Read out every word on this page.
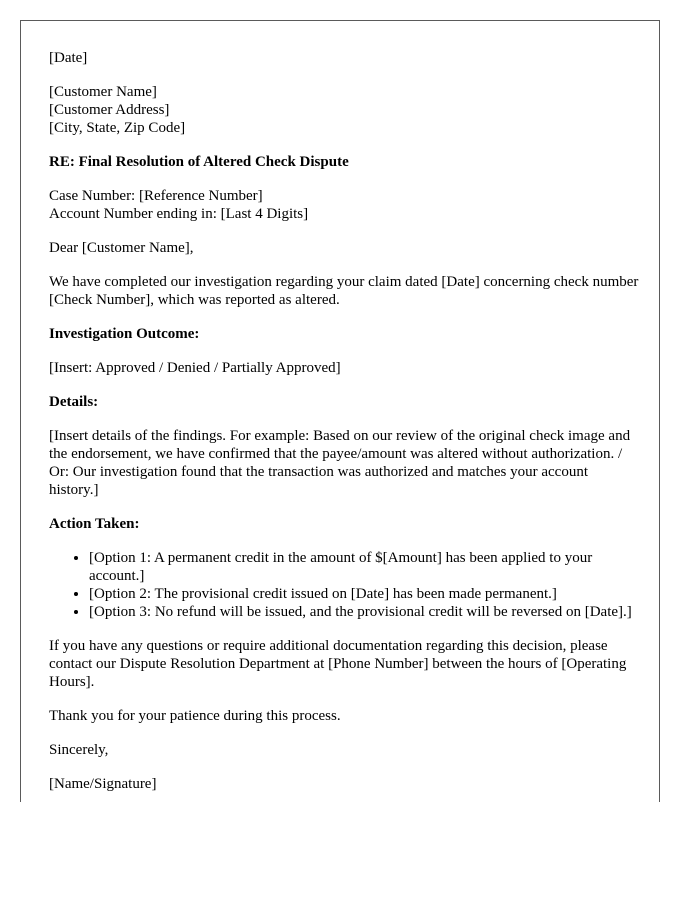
[Date]

[Customer Name]
[Customer Address]
[City, State, Zip Code]

RE: Final Resolution of Altered Check Dispute

Case Number: [Reference Number]
Account Number ending in: [Last 4 Digits]

Dear [Customer Name],

We have completed our investigation regarding your claim dated [Date] concerning check number [Check Number], which was reported as altered.

Investigation Outcome:

[Insert: Approved / Denied / Partially Approved]

Details:

[Insert details of the findings. For example: Based on our review of the original check image and the endorsement, we have confirmed that the payee/amount was altered without authorization. / Or: Our investigation found that the transaction was authorized and matches your account history.]

Action Taken:

• [Option 1: A permanent credit in the amount of $[Amount] has been applied to your account.]
• [Option 2: The provisional credit issued on [Date] has been made permanent.]
• [Option 3: No refund will be issued, and the provisional credit will be reversed on [Date].]

If you have any questions or require additional documentation regarding this decision, please contact our Dispute Resolution Department at [Phone Number] between the hours of [Operating Hours].

Thank you for your patience during this process.

Sincerely,

[Name/Signature]
